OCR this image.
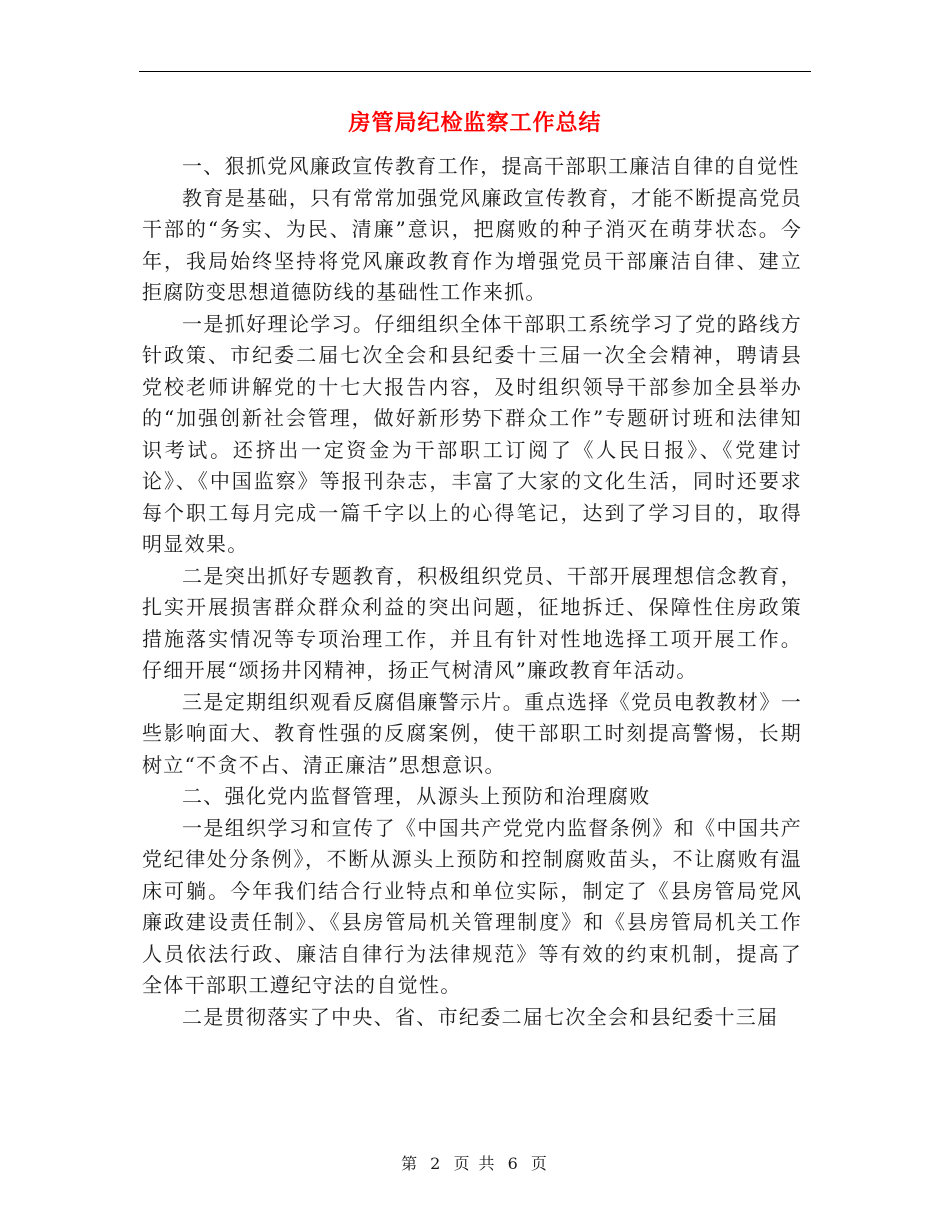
房管局纪检监察工作总结

一、狠抓党风廉政宣传教育工作，提高干部职工廉洁自律的自觉性

教育是基础，只有常常加强党风廉政宣传教育，才能不断提高党员干部的“务实、为民、清廉”意识，把腐败的种子消灭在萌芽状态。今年，我局始终坚持将党风廉政教育作为增强党员干部廉洁自律、建立拒腐防变思想道德防线的基础性工作来抓。

一是抓好理论学习。仔细组织全体干部职工系统学习了党的路线方针政策、市纪委二届七次全会和县纪委十三届一次全会精神，聘请县党校老师讲解党的十七大报告内容，及时组织领导干部参加全县举办的“加强创新社会管理，做好新形势下群众工作”专题研讨班和法律知识考试。还挤出一定资金为干部职工订阅了《人民日报》、《党建讨论》、《中国监察》等报刊杂志，丰富了大家的文化生活，同时还要求每个职工每月完成一篇千字以上的心得笔记，达到了学习目的，取得明显效果。

二是突出抓好专题教育，积极组织党员、干部开展理想信念教育，扎实开展损害群众群众利益的突出问题，征地拆迁、保障性住房政策措施落实情况等专项治理工作，并且有针对性地选择工项开展工作。仔细开展“颂扬井冈精神，扬正气树清风”廉政教育年活动。

三是定期组织观看反腐倡廉警示片。重点选择《党员电教教材》一些影响面大、教育性强的反腐案例，使干部职工时刻提高警惕，长期树立“不贪不占、清正廉洁”思想意识。

二、强化党内监督管理，从源头上预防和治理腐败

一是组织学习和宣传了《中国共产党党内监督条例》和《中国共产党纪律处分条例》，不断从源头上预防和控制腐败苗头，不让腐败有温床可躺。今年我们结合行业特点和单位实际，制定了《县房管局党风廉政建设责任制》、《县房管局机关管理制度》和《县房管局机关工作人员依法行政、廉洁自律行为法律规范》等有效的约束机制，提高了全体干部职工遵纪守法的自觉性。

二是贯彻落实了中央、省、市纪委二届七次全会和县纪委十三届

第 2 页 共 6 页
